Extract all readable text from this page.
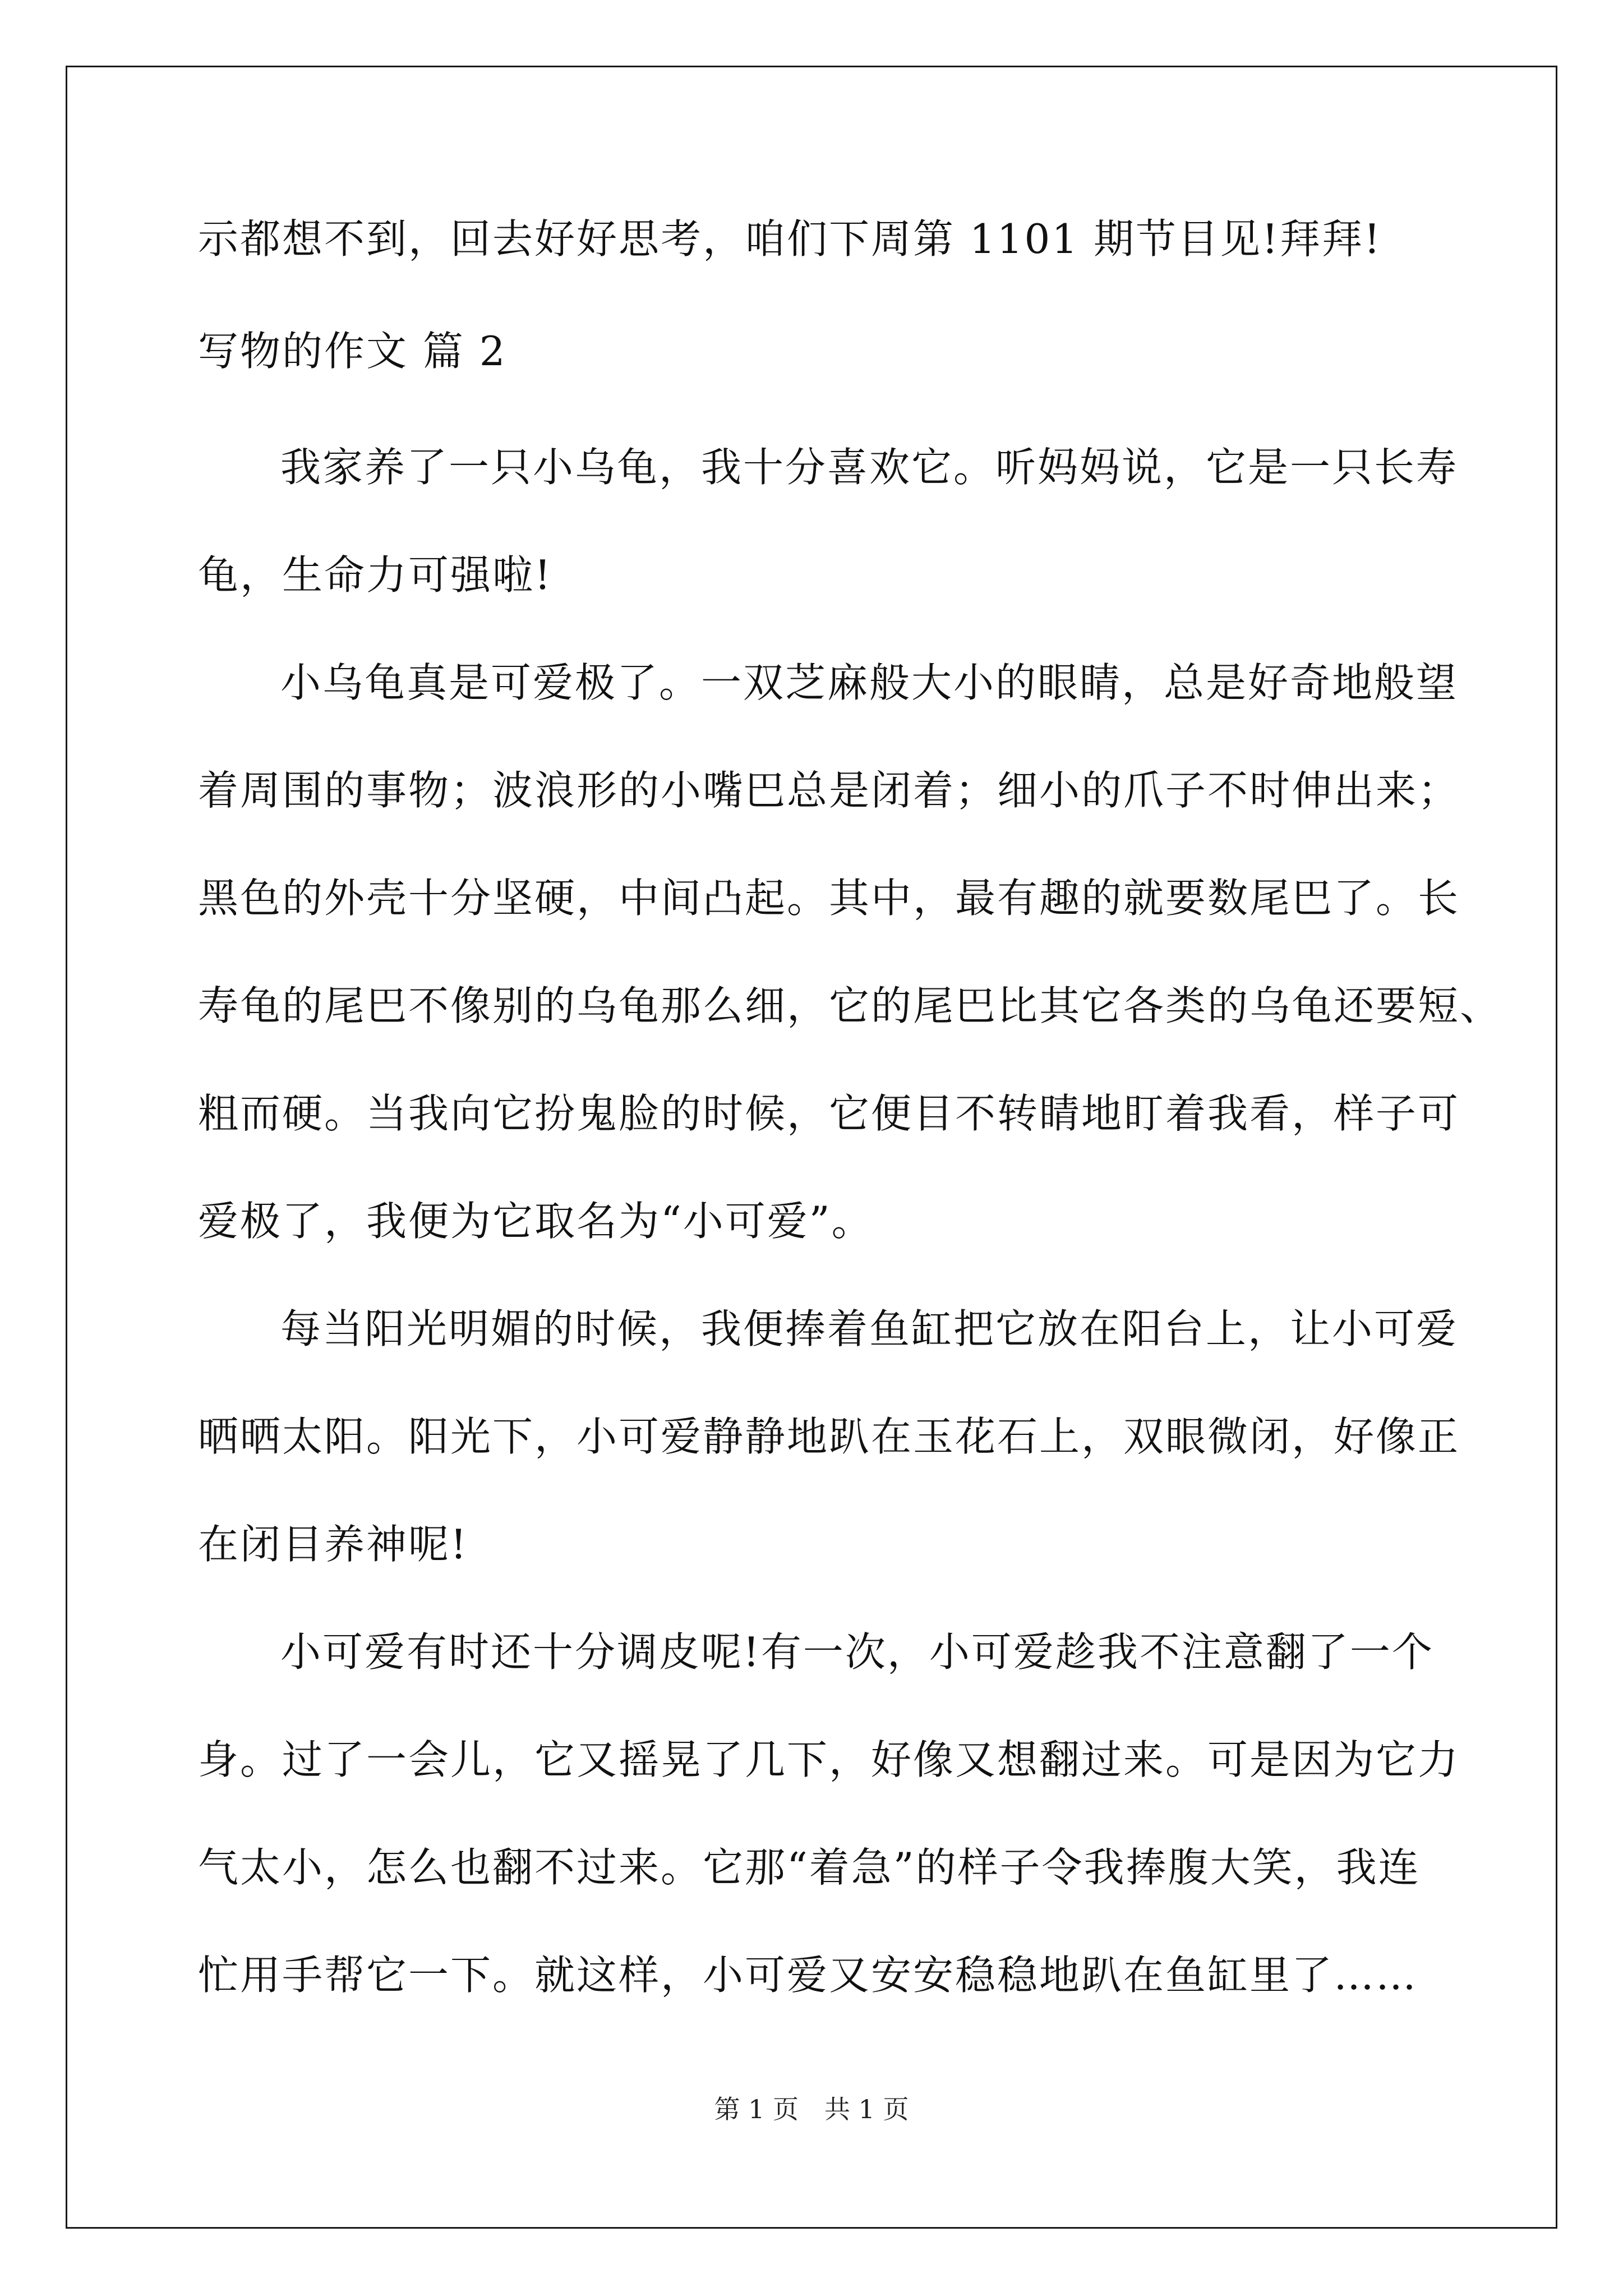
示都想不到，回去好好思考，咱们下周第 1101 期节目见!拜拜!
写物的作文 篇 2
我家养了一只小乌龟，我十分喜欢它。听妈妈说，它是一只长寿
龟，生命力可强啦!
小乌龟真是可爱极了。一双芝麻般大小的眼睛，总是好奇地般望
着周围的事物；波浪形的小嘴巴总是闭着；细小的爪子不时伸出来；
黑色的外壳十分坚硬，中间凸起。其中，最有趣的就要数尾巴了。长
寿龟的尾巴不像别的乌龟那么细，它的尾巴比其它各类的乌龟还要短、
粗而硬。当我向它扮鬼脸的时候，它便目不转睛地盯着我看，样子可
爱极了，我便为它取名为“小可爱”。
每当阳光明媚的时候，我便捧着鱼缸把它放在阳台上，让小可爱
晒晒太阳。阳光下，小可爱静静地趴在玉花石上，双眼微闭，好像正
在闭目养神呢!
小可爱有时还十分调皮呢!有一次，小可爱趁我不注意翻了一个
身。过了一会儿，它又摇晃了几下，好像又想翻过来。可是因为它力
气太小，怎么也翻不过来。它那“着急”的样子令我捧腹大笑，我连
忙用手帮它一下。就这样，小可爱又安安稳稳地趴在鱼缸里了……
第 1 页　共 1 页
